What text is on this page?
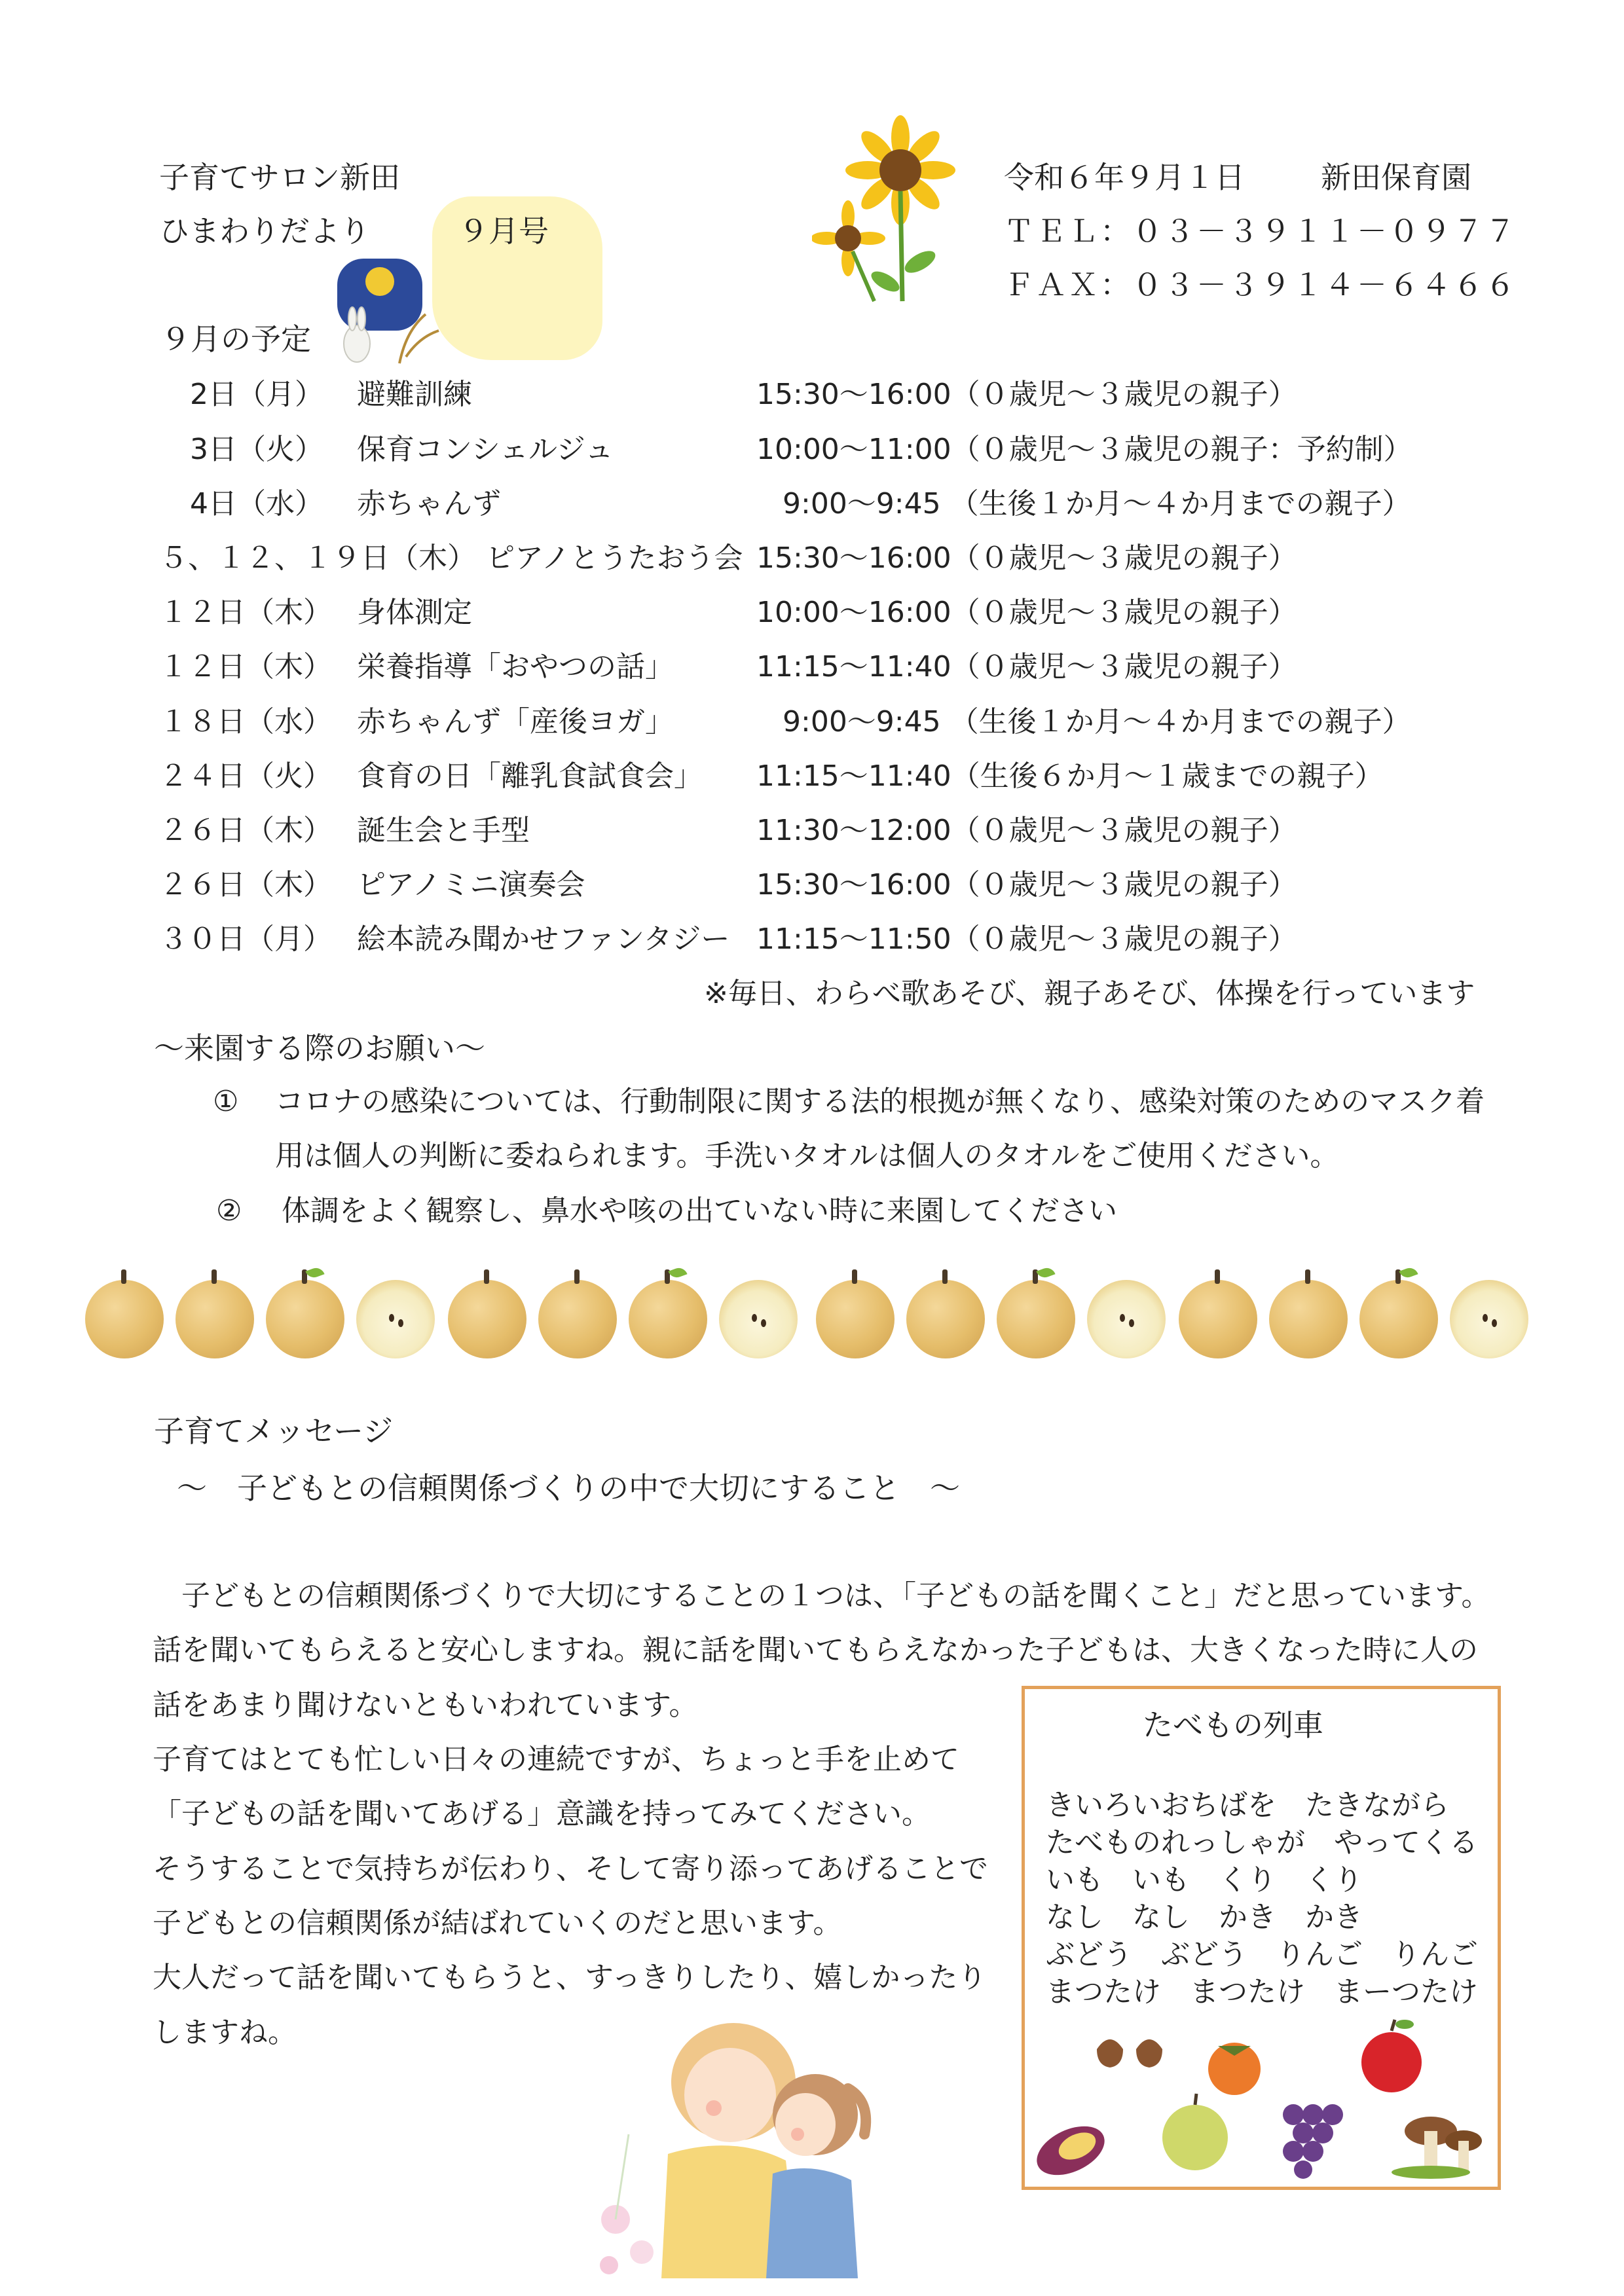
子育てサロン新田
ひまわりだより	９月号
令和６年９月１日	新田保育園
ＴＥＬ：０３－３９１１－０９７７
ＦＡＸ：０３－３９１４－６４６６
９月の予定
2日（月） 避難訓練	15:30～16:00（０歳児～３歳児の親子）
3日（火） 保育コンシェルジュ	10:00～11:00（０歳児～３歳児の親子：予約制）
4日（水） 赤ちゃんず	9:00～9:45 （生後１か月～４か月までの親子）
５、１２、１９日（木） ピアノとうたおう会 15:30～16:00（０歳児～３歳児の親子）
１２日（木） 身体測定	10:00～16:00（０歳児～３歳児の親子）
１２日（木） 栄養指導「おやつの話」	11:15～11:40（０歳児～３歳児の親子）
１８日（水） 赤ちゃんず「産後ヨガ」	9:00～9:45 （生後１か月～４か月までの親子）
２４日（火） 食育の日「離乳食試食会」 11:15～11:40（生後６か月～１歳までの親子）
２６日（木） 誕生会と手型	11:30～12:00（０歳児～３歳児の親子）
２６日（木） ピアノミニ演奏会	15:30～16:00（０歳児～３歳児の親子）
３０日（月） 絵本読み聞かせファンタジー 11:15～11:50（０歳児～３歳児の親子）
※毎日、わらべ歌あそび、親子あそび、体操を行っています
～来園する際のお願い～
① コロナの感染については、行動制限に関する法的根拠が無くなり、感染対策のためのマスク着
用は個人の判断に委ねられます。手洗いタオルは個人のタオルをご使用ください。
② 体調をよく観察し、鼻水や咳の出ていない時に来園してください
子育てメッセージ
～　子どもとの信頼関係づくりの中で大切にすること　～
　子どもとの信頼関係づくりで大切にすることの１つは、「子どもの話を聞くこと」だと思っています。
話を聞いてもらえると安心しますね。親に話を聞いてもらえなかった子どもは、大きくなった時に人の
話をあまり聞けないともいわれています。
子育てはとても忙しい日々の連続ですが、ちょっと手を止めて
「子どもの話を聞いてあげる」意識を持ってみてください。
そうすることで気持ちが伝わり、そして寄り添ってあげることで
子どもとの信頼関係が結ばれていくのだと思います。
大人だって話を聞いてもらうと、すっきりしたり、嬉しかったり
しますね。
たべもの列車
きいろいおちばを　たきながら
たべものれっしゃが　やってくる
いも　いも　くり　くり
なし　なし　かき　かき
ぶどう　ぶどう　りんご　りんご
まつたけ　まつたけ　まーつたけ
